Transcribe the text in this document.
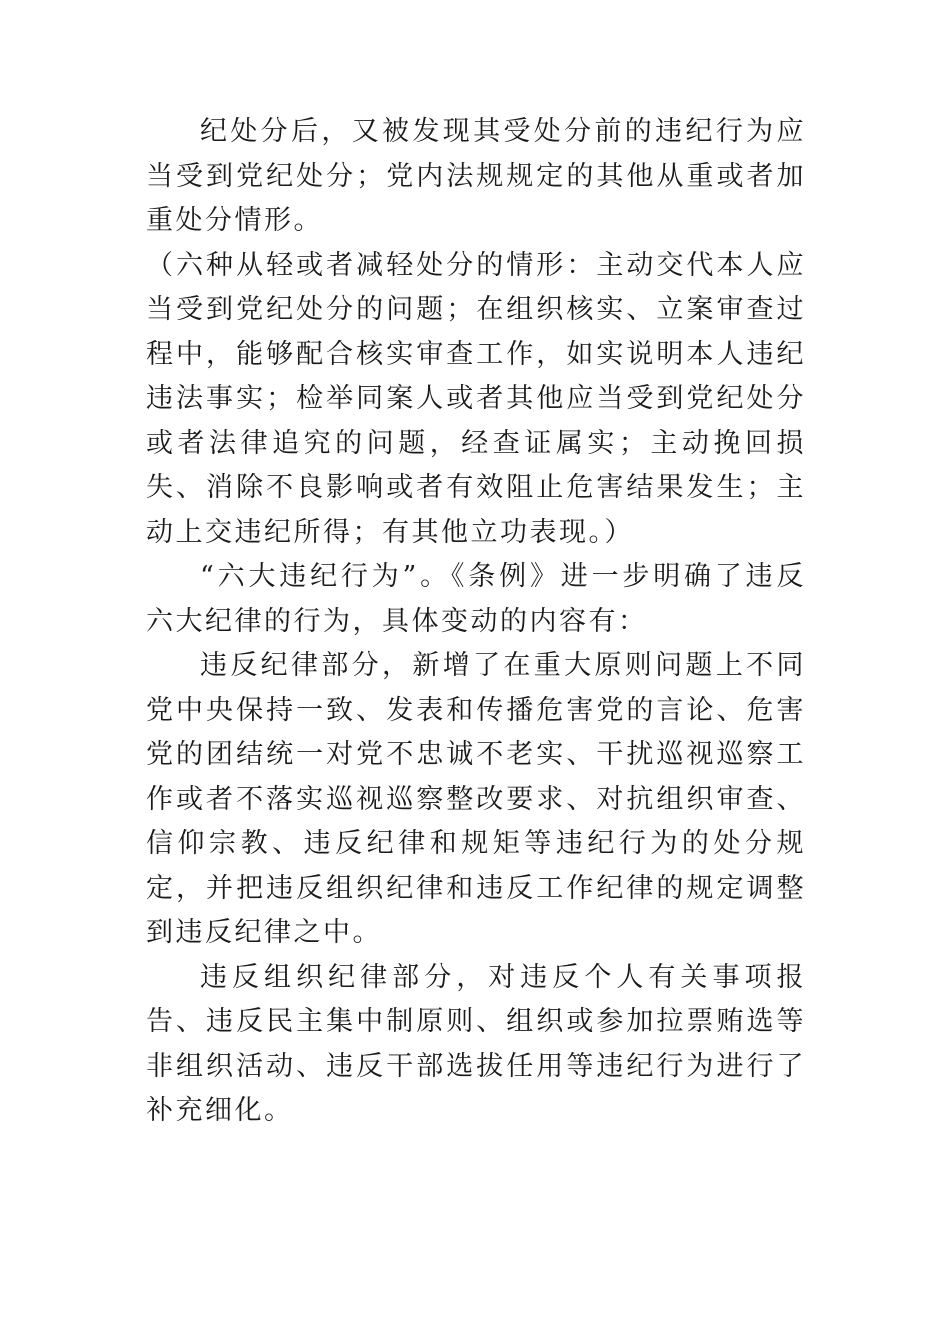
纪处分后，又被发现其受处分前的违纪行为应当受到党纪处分；党内法规规定的其他从重或者加重处分情形。

（六种从轻或者减轻处分的情形：主动交代本人应当受到党纪处分的问题；在组织核实、立案审查过程中，能够配合核实审查工作，如实说明本人违纪违法事实；检举同案人或者其他应当受到党纪处分或者法律追究的问题，经查证属实；主动挽回损失、消除不良影响或者有效阻止危害结果发生；主动上交违纪所得；有其他立功表现。）

“六大违纪行为”。《条例》进一步明确了违反六大纪律的行为，具体变动的内容有：

违反纪律部分，新增了在重大原则问题上不同党中央保持一致、发表和传播危害党的言论、危害党的团结统一对党不忠诚不老实、干扰巡视巡察工作或者不落实巡视巡察整改要求、对抗组织审查、信仰宗教、违反纪律和规矩等违纪行为的处分规定，并把违反组织纪律和违反工作纪律的规定调整到违反纪律之中。

违反组织纪律部分，对违反个人有关事项报告、违反民主集中制原则、组织或参加拉票贿选等非组织活动、违反干部选拔任用等违纪行为进行了补充细化。
